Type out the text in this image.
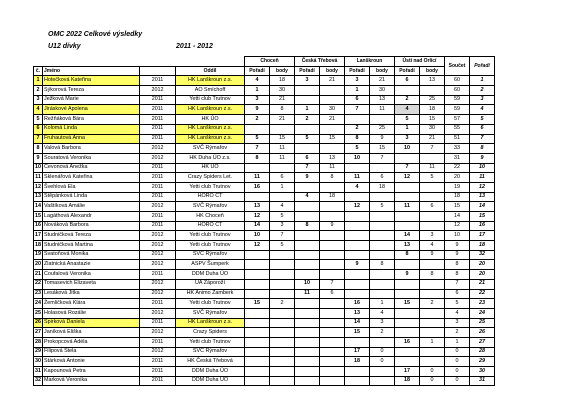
OMC 2022 Celkové výsledky
U12 dívky	2011 - 2012
				Choceň		Česká Třebová		Lanškroun		Ústí nad Orlicí		Součet	Pořadí
č.	Jméno		Oddíl	Pořadí	body	Pořadí	body	Pořadí	body	Pořadí	body		
1	Hotečková Kateřina	2011	HK Lanškroun z.s.	4	18	3	21	3	21	6	13	60	1
2	Sýkorová Tereza	2012	AO Smíchoff	1	30			1	30			60	2
3	Ježková Marie	2011	Yetti club Trutnov	3	21			6	13	2	25	59	3
4	Jiráskové Apolena	2011	HK Lanškroun z.s.	9	8	1	30	7	11	4	18	59	4
5	Režňáková Bára	2011	HK ÚO	2	21	2	21			5	15	57	5
6	Kolomá Linda	2011	HK Lanškroun z.s.					2	25	1	30	55	6
7	Fruhautová Anna	2011	HK Lanškroun z.s.	5	15	5	15	8	9	3	21	51	7
8	Valová Barbora	2012	SVČ Rýmařov	7	11			5	15	10	7	33	8
9	Souratová Veronika	2012	HK Duha ÚO z.s.	8	11	6	13	10	7			31	9
10	Čevonová Anežka	2011	HK ÚO			7	11			7	11	22	10
11	Sklenářová Kateřina	2011	Crazy Spiders Let.	11	6	9	8	11	6	12	5	20	11
12	Švehlová Ela	2011	Yetti club Trutnov	16	1			4	18			19	12
13	Štěpánková Linda	2011	HORO ČT			4	18					18	13
14	Vaštíková Amálie	2012	SVČ Rýmařov	13	4			12	5	11	6	15	14
15	Lagáthová Alexandr	2011	HK Choceň	12	5							14	15
16	Nováková Barbora	2011	HORO ČT	14	3	8	9					12	16
17	Studničková Tereza	2012	Yetti club Trutnov	10	7					14	3	10	17
18	Studničková Martina	2012	Yetti club Trutnov	12	5					13	4	9	18
19	Svatoňová Monika	2012	SVČ Rýmařov							8	9	9	32
20	Zlatnická Anastazie	2012	ASPV Šumperk					9	8			8	20
21	Coufalová Veronika	2011	DDM Duha ÚO							9	8	8	20
22	Tomasevich Elizaveta	2012	UA Záporoží			10	7					7	21
23	Lesáková Jitka	2012	HK Animo Žamberk			11	6					6	22
24	Žemličková Klára	2011	Yetti club Trutnov	15	2			16	1	15	2	5	23
25	Holasová Rozálie	2012	SVČ Rýmařov					13	4			4	24
26	Špirková Daniela	2011	HK Lanškroun z.s.					14	3			3	25
27	Janíková Eliška	2012	Crazy Spiders					15	2			2	26
28	Prokopcová Adéla	2011	Yetti club Trutnov							16	1	1	27
29	Filipová Stela	2012	SVČ Rýmařov					17	0			0	28
30	Stárková Antonie	2011	HK Česká Třebová					18	0			0	29
31	Kapounová Petra	2011	DDM Duha ÚO							17	0	0	30
32	Marková Veronika	2011	DDM Duha ÚO							18	0	0	31
